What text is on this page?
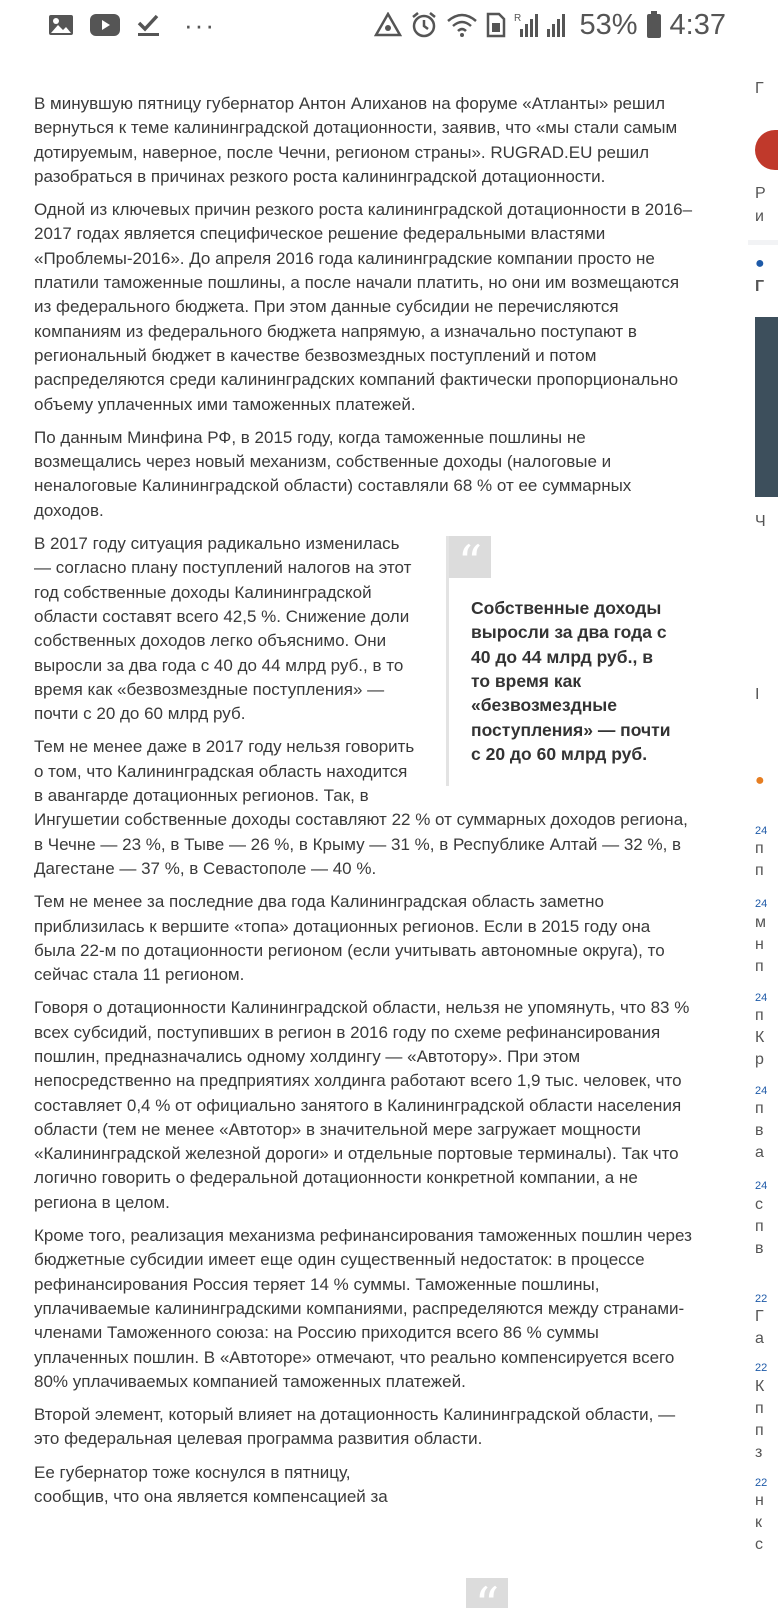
···	R 53% 4:37
Г
Р
и
●
Г
Ч
I
●
24
п
п
24
м
н
п
24
п
К
р
24
п
в
а
24
с
п
в
22
Г
а
22
К
п
п
з
22
н
к
с

В минувшую пятницу губернатор Антон Алиханов на форуме «Атланты» решил вернуться к теме калининградской дотационности, заявив, что «мы стали самым дотируемым, наверное, после Чечни, регионом страны». RUGRAD.EU решил разобраться в причинах резкого роста калининградской дотационности.

Одной из ключевых причин резкого роста калининградской дотационности в 2016–2017 годах является специфическое решение федеральными властями «Проблемы-2016». До апреля 2016 года калининградские компании просто не платили таможенные пошлины, а после начали платить, но они им возмещаются из федерального бюджета. При этом данные субсидии не перечисляются компаниям из федерального бюджета напрямую, а изначально поступают в региональный бюджет в качестве безвозмездных поступлений и потом распределяются среди калининградских компаний фактически пропорционально объему уплаченных ими таможенных платежей.

По данным Минфина РФ, в 2015 году, когда таможенные пошлины не возмещались через новый механизм, собственные доходы (налоговые и неналоговые Калининградской области) составляли 68 % от ее суммарных доходов.

“
Собственные доходы выросли за два года с 40 до 44 млрд руб., в то время как «безвозмездные поступления» — почти с 20 до 60 млрд руб.

В 2017 году ситуация радикально изменилась — согласно плану поступлений налогов на этот год собственные доходы Калининградской области составят всего 42,5 %. Снижение доли собственных доходов легко объяснимо. Они выросли за два года с 40 до 44 млрд руб., в то время как «безвозмездные поступления» — почти с 20 до 60 млрд руб.

Тем не менее даже в 2017 году нельзя говорить о том, что Калининградская область находится в авангарде дотационных регионов. Так, в Ингушетии собственные доходы составляют 22 % от суммарных доходов региона, в Чечне — 23 %, в Тыве — 26 %, в Крыму — 31 %, в Республике Алтай — 32 %, в Дагестане — 37 %, в Севастополе — 40 %.

Тем не менее за последние два года Калининградская область заметно приблизилась к вершите «топа» дотационных регионов. Если в 2015 году она была 22-м по дотационности регионом (если учитывать автономные округа), то сейчас стала 11 регионом.

Говоря о дотационности Калининградской области, нельзя не упомянуть, что 83 % всех субсидий, поступивших в регион в 2016 году по схеме рефинансирования пошлин, предназначались одному холдингу — «Автотору». При этом непосредственно на предприятиях холдинга работают всего 1,9 тыс. человек, что составляет 0,4 % от официально занятого в Калининградской области населения области (тем не менее «Автотор» в значительной мере загружает мощности «Калининградской железной дороги» и отдельные портовые терминалы). Так что логично говорить о федеральной дотационности конкретной компании, а не региона в целом.

Кроме того, реализация механизма рефинансирования таможенных пошлин через бюджетные субсидии имеет еще один существенный недостаток: в процессе рефинансирования Россия теряет 14 % суммы. Таможенные пошлины, уплачиваемые калининградскими компаниями, распределяются между странами-членами Таможенного союза: на Россию приходится всего 86 % суммы уплаченных пошлин. В «Автоторе» отмечают, что реально компенсируется всего 80% уплачиваемых компанией таможенных платежей.

Второй элемент, который влияет на дотационность Калининградской области, — это федеральная целевая программа развития области.

Ее губернатор тоже коснулся в пятницу, сообщив, что она является компенсацией за

“
